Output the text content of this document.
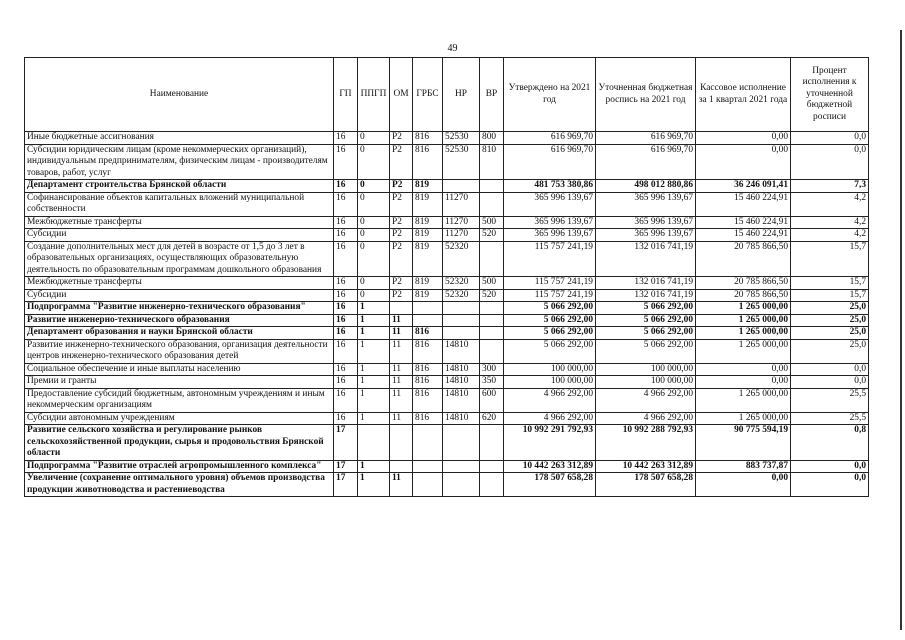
49
Наименование	ГП	ППГП	ОМ	ГРБС	НР	ВР	Утверждено на 2021 год	Уточненная бюджетная роспись на 2021 год	Кассовое исполнение за 1 квартал 2021 года	Процент исполнения к уточненной бюджетной росписи
Иные бюджетные ассигнования	16	0	Р2	816	52530	800	616 969,70	616 969,70	0,00	0,0
Субсидии юридическим лицам (кроме некоммерческих организаций), индивидуальным предпринимателям, физическим лицам - производителям товаров, работ, услуг	16	0	Р2	816	52530	810	616 969,70	616 969,70	0,00	0,0
Департамент строительства Брянской области	16	0	Р2	819			481 753 380,86	498 012 880,86	36 246 091,41	7,3
Софинансирование объектов капитальных вложений муниципальной собственности	16	0	Р2	819	11270		365 996 139,67	365 996 139,67	15 460 224,91	4,2
Межбюджетные трансферты	16	0	Р2	819	11270	500	365 996 139,67	365 996 139,67	15 460 224,91	4,2
Субсидии	16	0	Р2	819	11270	520	365 996 139,67	365 996 139,67	15 460 224,91	4,2
Создание дополнительных мест для детей в возрасте от 1,5 до 3 лет в образовательных организациях, осуществляющих образовательную деятельность по образовательным программам дошкольного образования	16	0	Р2	819	52320		115 757 241,19	132 016 741,19	20 785 866,50	15,7
Межбюджетные трансферты	16	0	Р2	819	52320	500	115 757 241,19	132 016 741,19	20 785 866,50	15,7
Субсидии	16	0	Р2	819	52320	520	115 757 241,19	132 016 741,19	20 785 866,50	15,7
Подпрограмма "Развитие инженерно-технического образования"	16	1					5 066 292,00	5 066 292,00	1 265 000,00	25,0
Развитие инженерно-технического образования	16	1	11				5 066 292,00	5 066 292,00	1 265 000,00	25,0
Департамент образования и науки Брянской области	16	1	11	816			5 066 292,00	5 066 292,00	1 265 000,00	25,0
Развитие инженерно-технического образования, организация деятельности центров инженерно-технического образования детей	16	1	11	816	14810		5 066 292,00	5 066 292,00	1 265 000,00	25,0
Социальное обеспечение и иные выплаты населению	16	1	11	816	14810	300	100 000,00	100 000,00	0,00	0,0
Премии и гранты	16	1	11	816	14810	350	100 000,00	100 000,00	0,00	0,0
Предоставление субсидий бюджетным, автономным учреждениям и иным некоммерческим организациям	16	1	11	816	14810	600	4 966 292,00	4 966 292,00	1 265 000,00	25,5
Субсидии автономным учреждениям	16	1	11	816	14810	620	4 966 292,00	4 966 292,00	1 265 000,00	25,5
Развитие сельского хозяйства и регулирование рынков сельскохозяйственной продукции, сырья и продовольствия Брянской области	17						10 992 291 792,93	10 992 288 792,93	90 775 594,19	0,8
Подпрограмма "Развитие отраслей агропромышленного комплекса"	17	1					10 442 263 312,89	10 442 263 312,89	883 737,87	0,0
Увеличение (сохранение оптимального уровня) объемов производства продукции животноводства и растениеводства	17	1	11				178 507 658,28	178 507 658,28	0,00	0,0
